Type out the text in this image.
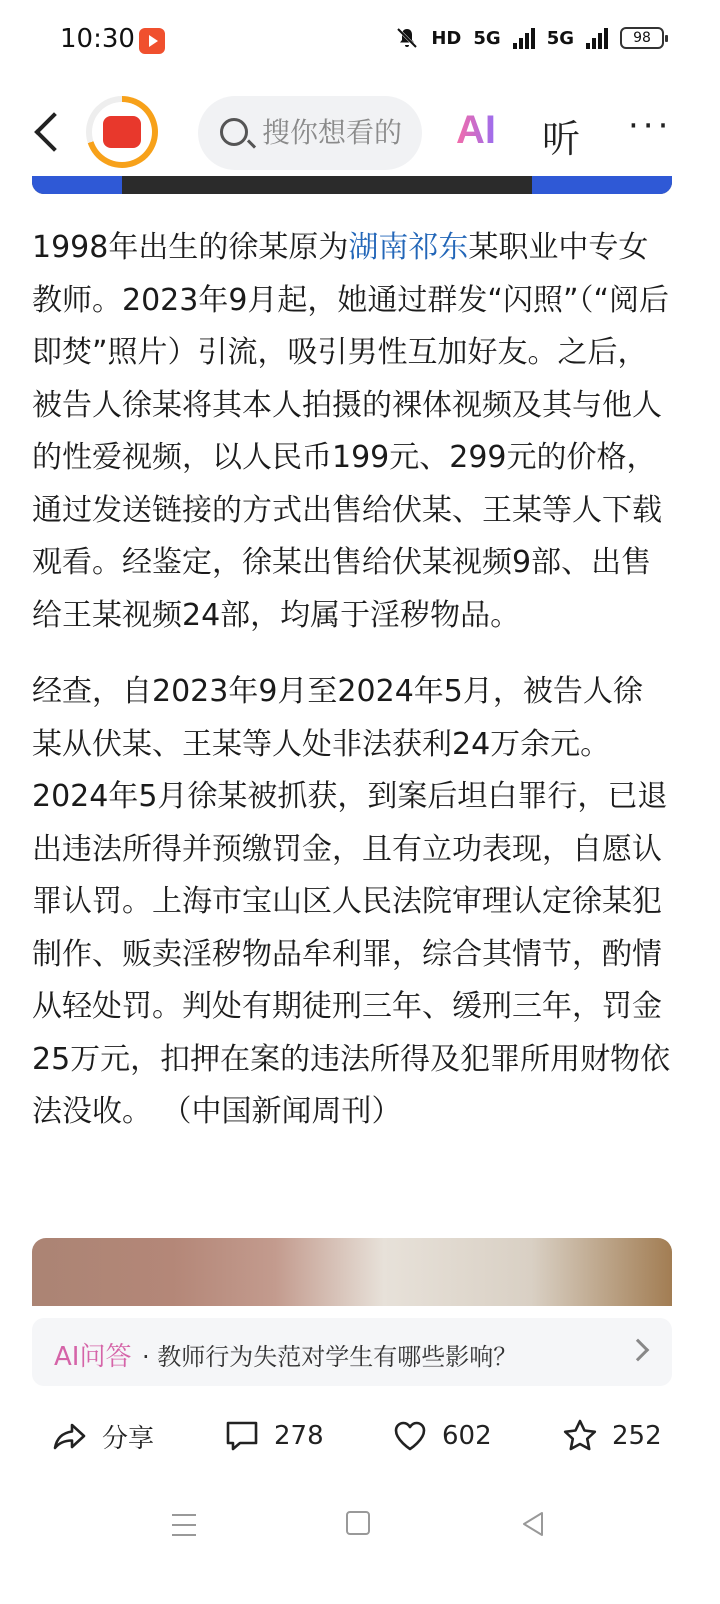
10:30	HD 5G	5G	98
搜你想看的
AI 听 ···

1998年出生的徐某原为湖南祁东某职业中专女教师。2023年9月起，她通过群发“闪照”（“阅后即焚”照片）引流，吸引男性互加好友。之后，被告人徐某将其本人拍摄的裸体视频及其与他人的性爱视频，以人民币199元、299元的价格，通过发送链接的方式出售给伏某、王某等人下载观看。经鉴定，徐某出售给伏某视频9部、出售给王某视频24部，均属于淫秽物品。

经查，自2023年9月至2024年5月，被告人徐某从伏某、王某等人处非法获利24万余元。2024年5月徐某被抓获，到案后坦白罪行，已退出违法所得并预缴罚金，且有立功表现，自愿认罪认罚。上海市宝山区人民法院审理认定徐某犯制作、贩卖淫秽物品牟利罪，综合其情节，酌情从轻处罚。判处有期徒刑三年、缓刑三年，罚金25万元，扣押在案的违法所得及犯罪所用财物依法没收。 （中国新闻周刊）

AI问答 · 教师行为失范对学生有哪些影响？
分享	278	602	252
